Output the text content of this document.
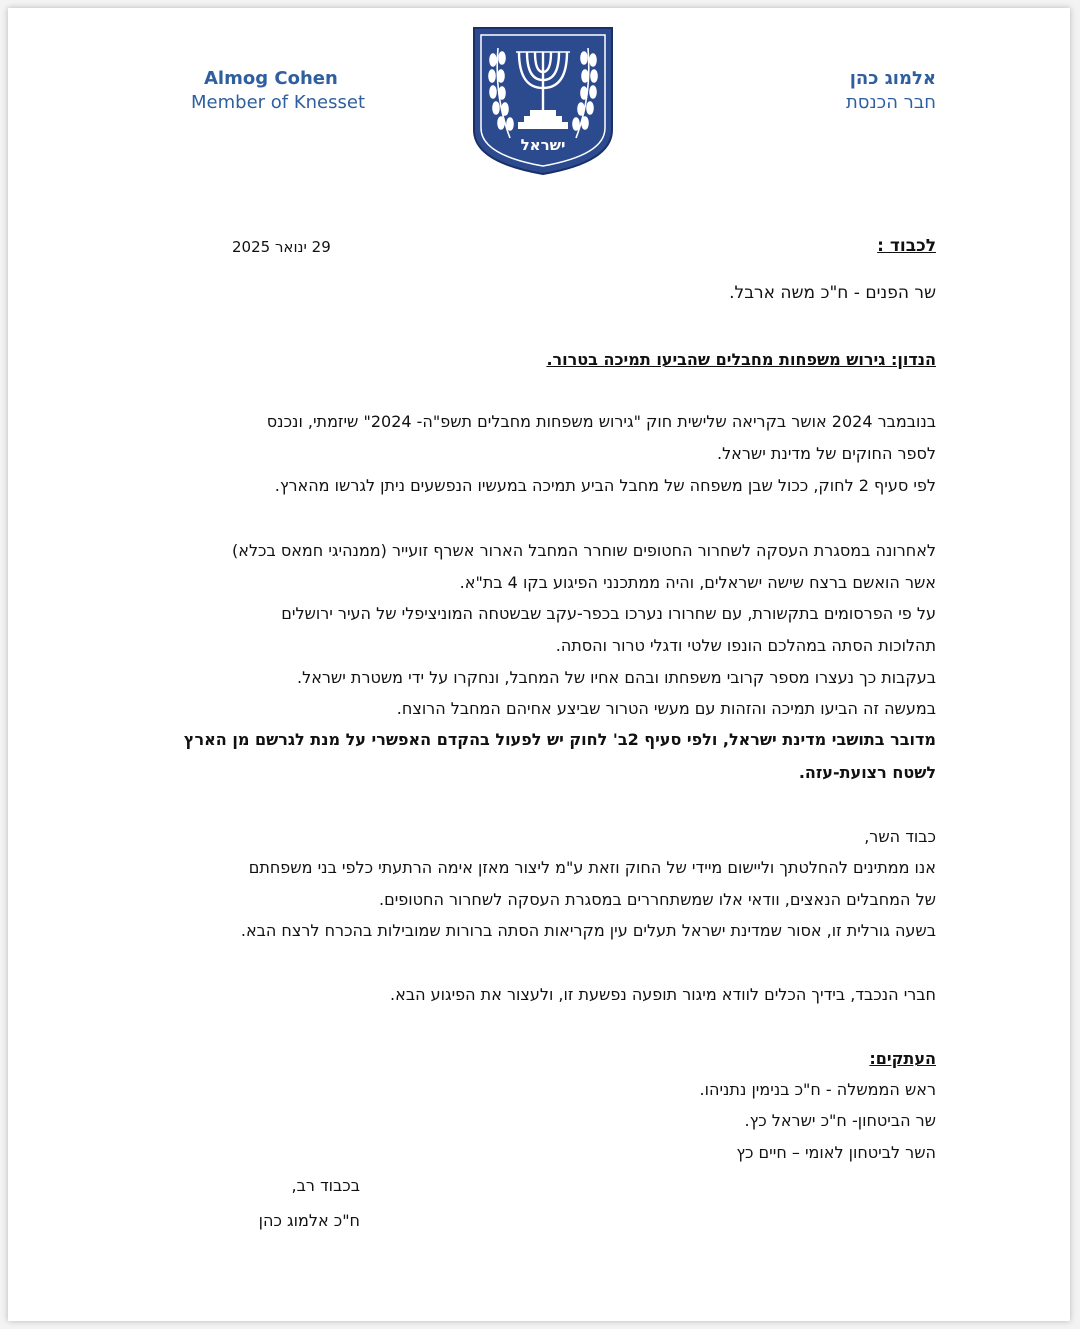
Almog Cohen
Member of Knesset
אלמוג כהן
חבר הכנסת
ישראל
29 ינואר 2025	לכבוד :
שר הפנים - ח"כ משה ארבל.
הנדון: גירוש משפחות מחבלים שהביעו תמיכה בטרור.
בנובמבר 2024 אושר בקריאה שלישית חוק "גירוש משפחות מחבלים תשפ"ה- 2024" שיזמתי, ונכנס
לספר החוקים של מדינת ישראל.
לפי סעיף 2 לחוק, ככול שבן משפחה של מחבל הביע תמיכה במעשיו הנפשעים ניתן לגרשו מהארץ.
לאחרונה במסגרת העסקה לשחרור החטופים שוחרר המחבל הארור אשרף זועייר (ממנהיגי חמאס בכלא)
אשר הואשם ברצח שישה ישראלים, והיה ממתכנני הפיגוע בקו 4 בת"א.
על פי הפרסומים בתקשורת, עם שחרורו נערכו בכפר-עקב שבשטחה המוניציפלי של העיר ירושלים
תהלוכות הסתה במהלכם הונפו שלטי ודגלי טרור והסתה.
בעקבות כך נעצרו מספר קרובי משפחתו ובהם אחיו של המחבל, ונחקרו על ידי משטרת ישראל.
במעשה זה הביעו תמיכה והזהות עם מעשי הטרור שביצע אחיהם המחבל הרוצח.
מדובר בתושבי מדינת ישראל, ולפי סעיף 2ב' לחוק יש לפעול בהקדם האפשרי על מנת לגרשם מן הארץ
לשטח רצועת-עזה.
כבוד השר,
אנו ממתינים להחלטתך וליישום מיידי של החוק וזאת ע"מ ליצור מאזן אימה הרתעתי כלפי בני משפחתם
של המחבלים הנאצים, וודאי אלו שמשתחררים במסגרת העסקה לשחרור החטופים.
בשעה גורלית זו, אסור שמדינת ישראל תעלים עין מקריאות הסתה ברורות שמובילות בהכרח לרצח הבא.
חברי הנכבד, בידיך הכלים לוודא מיגור תופעה נפשעת זו, ולעצור את הפיגוע הבא.
העתקים:
ראש הממשלה - ח"כ בנימין נתניהו.
שר הביטחון- ח"כ ישראל כץ.
השר לביטחון לאומי – חיים כץ
בכבוד רב,
ח"כ אלמוג כהן
